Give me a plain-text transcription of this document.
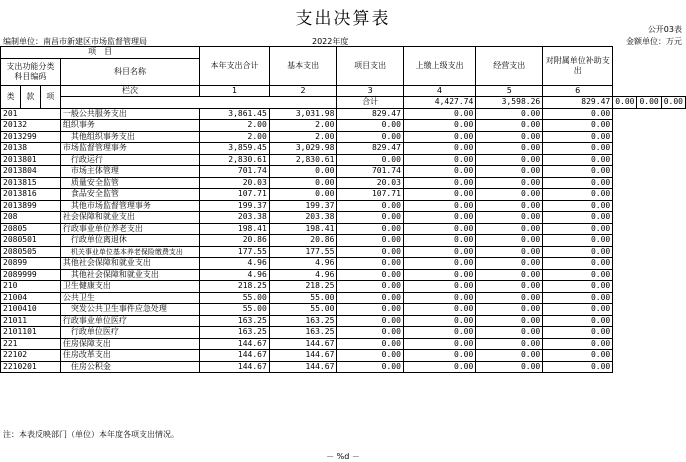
支出决算表
公开03表
编制单位：南昌市新建区市场监督管理局	2022年度	金额单位：万元
项　目				本年支出合计	基本支出	项目支出	上缴上级支出	经营支出	对附属单位补助支出			
支出功能分类科目编码			科目名称									

类	款	项	栏次	1	2	3	4	5	6			
						合计	4,427.74	3,598.26	829.47	0.00	0.00	0.00
201			一般公共服务支出	3,861.45	3,031.98	829.47	0.00	0.00	0.00			
20132			组织事务	2.00	2.00	0.00	0.00	0.00	0.00			
2013299			其他组织事务支出	2.00	2.00	0.00	0.00	0.00	0.00			
20138			市场监督管理事务	3,859.45	3,029.98	829.47	0.00	0.00	0.00			
2013801			行政运行	2,830.61	2,830.61	0.00	0.00	0.00	0.00			
2013804			市场主体管理	701.74	0.00	701.74	0.00	0.00	0.00			
2013815			质量安全监管	20.03	0.00	20.03	0.00	0.00	0.00			
2013816			食品安全监管	107.71	0.00	107.71	0.00	0.00	0.00			
2013899			其他市场监督管理事务	199.37	199.37	0.00	0.00	0.00	0.00			
208			社会保障和就业支出	203.38	203.38	0.00	0.00	0.00	0.00			
20805			行政事业单位养老支出	198.41	198.41	0.00	0.00	0.00	0.00			
2080501			行政单位离退休	20.86	20.86	0.00	0.00	0.00	0.00			
2080505			机关事业单位基本养老保险缴费支出	177.55	177.55	0.00	0.00	0.00	0.00			
20899			其他社会保障和就业支出	4.96	4.96	0.00	0.00	0.00	0.00			
2089999			其他社会保障和就业支出	4.96	4.96	0.00	0.00	0.00	0.00			
210			卫生健康支出	218.25	218.25	0.00	0.00	0.00	0.00			
21004			公共卫生	55.00	55.00	0.00	0.00	0.00	0.00			
2100410			突发公共卫生事件应急处理	55.00	55.00	0.00	0.00	0.00	0.00			
21011			行政事业单位医疗	163.25	163.25	0.00	0.00	0.00	0.00			
2101101			行政单位医疗	163.25	163.25	0.00	0.00	0.00	0.00			
221			住房保障支出	144.67	144.67	0.00	0.00	0.00	0.00			
22102			住房改革支出	144.67	144.67	0.00	0.00	0.00	0.00			
2210201			住房公积金	144.67	144.67	0.00	0.00	0.00	0.00			
注：本表反映部门（单位）本年度各项支出情况。
－ %d －
